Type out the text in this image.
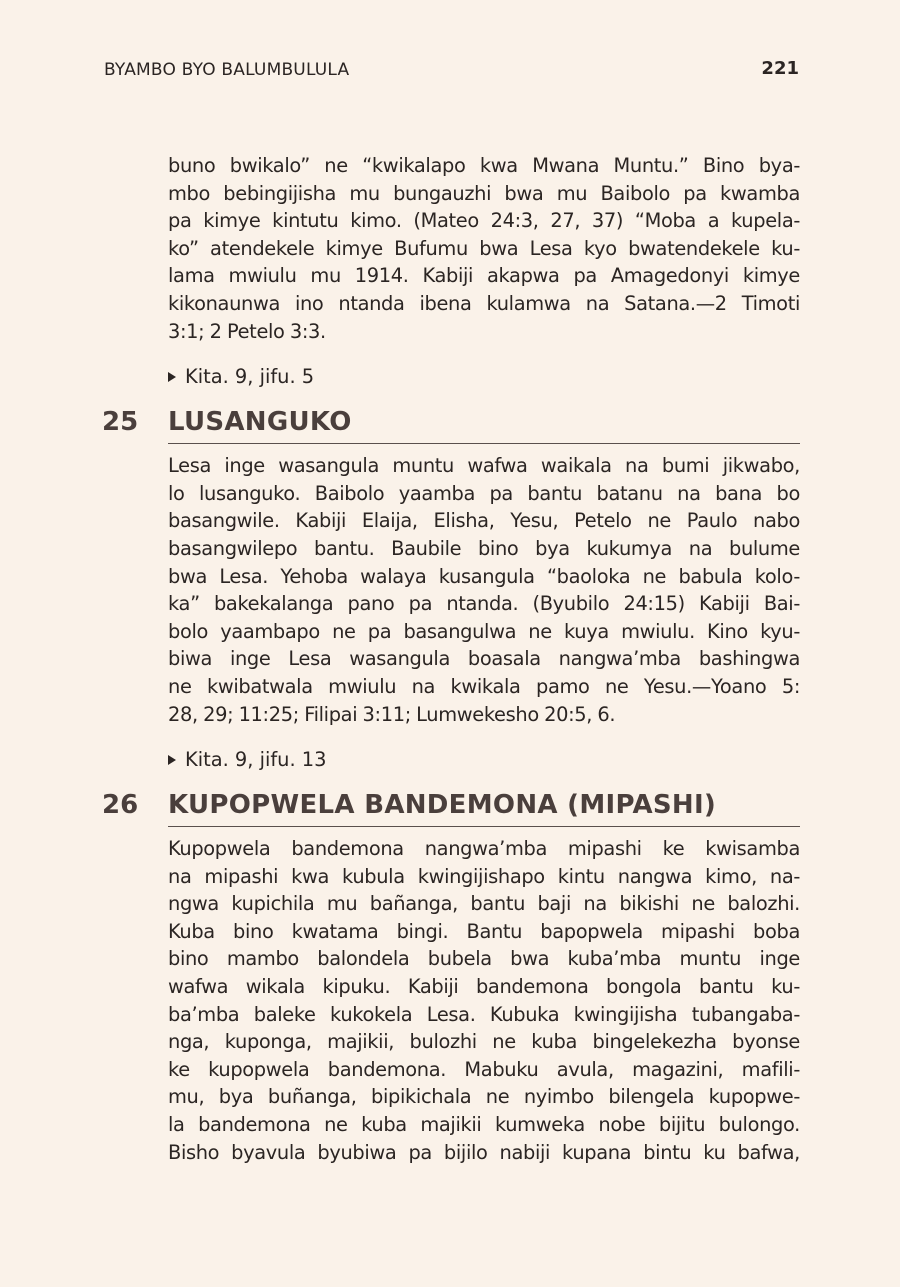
BYAMBO BYO BALUMBULULA	221
buno bwikalo” ne “kwikalapo kwa Mwana Muntu.” Bino bya-
mbo bebingijisha mu bungauzhi bwa mu Baibolo pa kwamba
pa kimye kintutu kimo. (Mateo 24:3, 27, 37) “Moba a kupela-
ko” atendekele kimye Bufumu bwa Lesa kyo bwatendekele ku-
lama mwiulu mu 1914. Kabiji akapwa pa Amagedonyi kimye
kikonaunwa ino ntanda ibena kulamwa na Satana.—2 Timoti
3:1; 2 Petelo 3:3.
Kita. 9, jifu. 5
25 LUSANGUKO
Lesa inge wasangula muntu wafwa waikala na bumi jikwabo,
lo lusanguko. Baibolo yaamba pa bantu batanu na bana bo
basangwile. Kabiji Elaija, Elisha, Yesu, Petelo ne Paulo nabo
basangwilepo bantu. Baubile bino bya kukumya na bulume
bwa Lesa. Yehoba walaya kusangula “baoloka ne babula kolo-
ka” bakekalanga pano pa ntanda. (Byubilo 24:15) Kabiji Bai-
bolo yaambapo ne pa basangulwa ne kuya mwiulu. Kino kyu-
biwa inge Lesa wasangula boasala nangwa’mba bashingwa
ne kwibatwala mwiulu na kwikala pamo ne Yesu.—Yoano 5:
28, 29; 11:25; Filipai 3:11; Lumwekesho 20:5, 6.
Kita. 9, jifu. 13
26 KUPOPWELA BANDEMONA (MIPASHI)
Kupopwela bandemona nangwa’mba mipashi ke kwisamba
na mipashi kwa kubula kwingijishapo kintu nangwa kimo, na-
ngwa kupichila mu bañanga, bantu baji na bikishi ne balozhi.
Kuba bino kwatama bingi. Bantu bapopwela mipashi boba
bino mambo balondela bubela bwa kuba’mba muntu inge
wafwa wikala kipuku. Kabiji bandemona bongola bantu ku-
ba’mba baleke kukokela Lesa. Kubuka kwingijisha tubangaba-
nga, kuponga, majikii, bulozhi ne kuba bingelekezha byonse
ke kupopwela bandemona. Mabuku avula, magazini, mafili-
mu, bya buñanga, bipikichala ne nyimbo bilengela kupopwe-
la bandemona ne kuba majikii kumweka nobe bijitu bulongo.
Bisho byavula byubiwa pa bijilo nabiji kupana bintu ku bafwa,
